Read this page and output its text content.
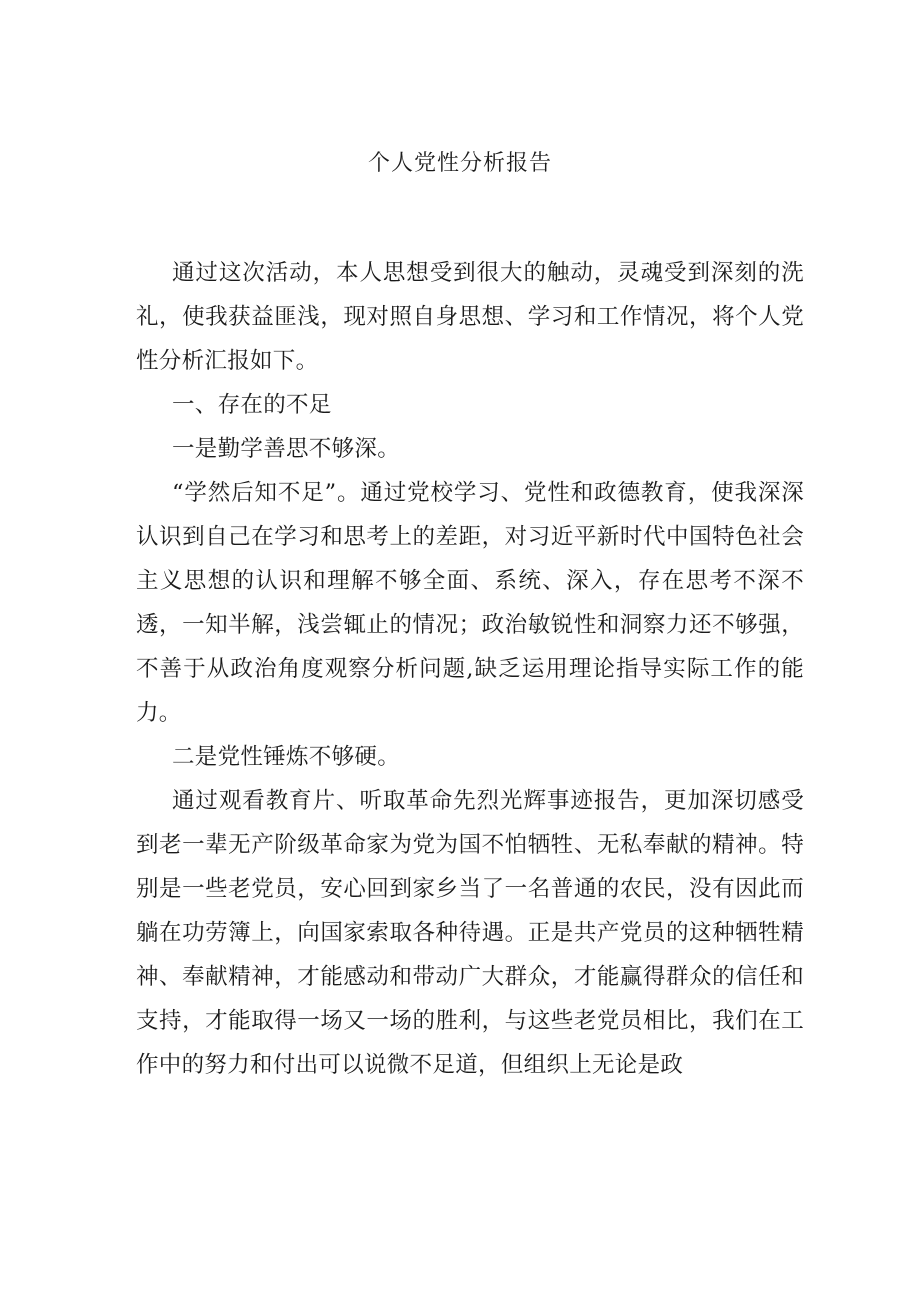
个人党性分析报告

通过这次活动，本人思想受到很大的触动，灵魂受到深刻的洗礼，使我获益匪浅，现对照自身思想、学习和工作情况，将个人党性分析汇报如下。

一、存在的不足

一是勤学善思不够深。

“学然后知不足”。通过党校学习、党性和政德教育，使我深深认识到自己在学习和思考上的差距，对习近平新时代中国特色社会主义思想的认识和理解不够全面、系统、深入，存在思考不深不透，一知半解，浅尝辄止的情况；政治敏锐性和洞察力还不够强，不善于从政治角度观察分析问题,缺乏运用理论指导实际工作的能力。

二是党性锤炼不够硬。

通过观看教育片、听取革命先烈光辉事迹报告，更加深切感受到老一辈无产阶级革命家为党为国不怕牺牲、无私奉献的精神。特别是一些老党员，安心回到家乡当了一名普通的农民，没有因此而躺在功劳簿上，向国家索取各种待遇。正是共产党员的这种牺牲精神、奉献精神，才能感动和带动广大群众，才能赢得群众的信任和支持，才能取得一场又一场的胜利，与这些老党员相比，我们在工作中的努力和付出可以说微不足道，但组织上无论是政
